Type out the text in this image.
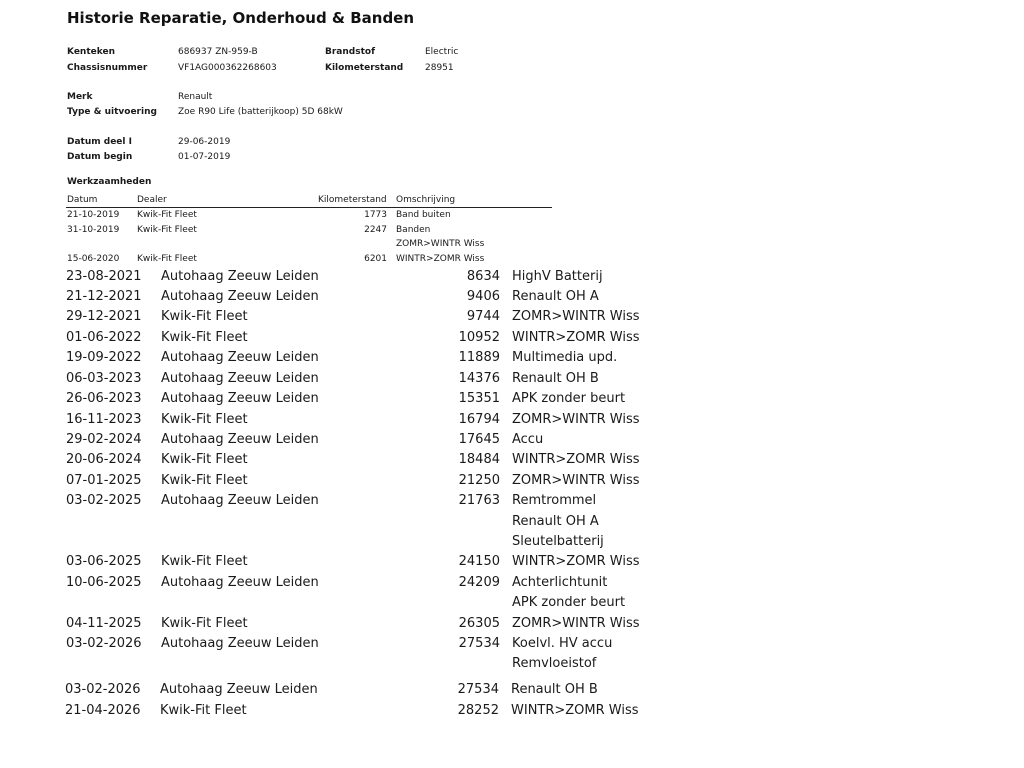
Historie Reparatie, Onderhoud & Banden
Kenteken	686937 ZN-959-B	Brandstof	Electric
Chassisnummer	VF1AG000362268603	Kilometerstand 28951
Merk	Renault
Type & uitvoering Zoe R90 Life (batterijkoop) 5D 68kW
Datum deel I	29-06-2019
Datum begin	01-07-2019
Werkzaamheden
Datum	Dealer	Kilometerstand Omschrijving
21-10-2019 Kwik-Fit Fleet	1773 Band buiten
31-10-2019 Kwik-Fit Fleet	2247 Banden
ZOMR>WINTR Wiss
15-06-2020 Kwik-Fit Fleet	6201 WINTR>ZOMR Wiss
23-08-2021 Autohaag Zeeuw Leiden	8634 HighV Batterij
21-12-2021 Autohaag Zeeuw Leiden	9406 Renault OH A
29-12-2021 Kwik-Fit Fleet	9744 ZOMR>WINTR Wiss
01-06-2022 Kwik-Fit Fleet	10952 WINTR>ZOMR Wiss
19-09-2022 Autohaag Zeeuw Leiden	11889 Multimedia upd.
06-03-2023 Autohaag Zeeuw Leiden	14376 Renault OH B
26-06-2023 Autohaag Zeeuw Leiden	15351 APK zonder beurt
16-11-2023 Kwik-Fit Fleet	16794 ZOMR>WINTR Wiss
29-02-2024 Autohaag Zeeuw Leiden	17645 Accu
20-06-2024 Kwik-Fit Fleet	18484 WINTR>ZOMR Wiss
07-01-2025 Kwik-Fit Fleet	21250 ZOMR>WINTR Wiss
03-02-2025 Autohaag Zeeuw Leiden	21763 Remtrommel
Renault OH A
Sleutelbatterij
03-06-2025 Kwik-Fit Fleet	24150 WINTR>ZOMR Wiss
10-06-2025 Autohaag Zeeuw Leiden	24209 Achterlichtunit
APK zonder beurt
04-11-2025 Kwik-Fit Fleet	26305 ZOMR>WINTR Wiss
03-02-2026 Autohaag Zeeuw Leiden	27534 Koelvl. HV accu
Remvloeistof
03-02-2026 Autohaag Zeeuw Leiden	27534 Renault OH B
21-04-2026 Kwik-Fit Fleet	28252 WINTR>ZOMR Wiss
